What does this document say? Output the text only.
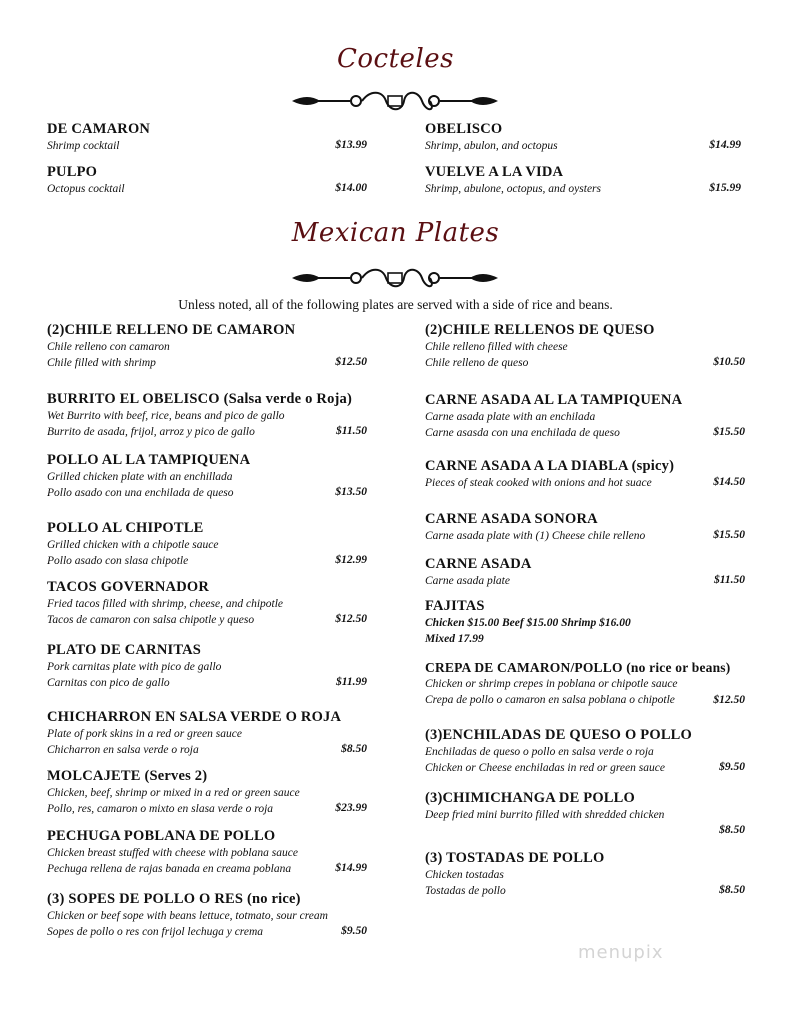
Cocteles
DE CAMARON
Shrimp cocktail	$13.99
PULPO
Octopus cocktail	$14.00
OBELISCO
Shrimp, abulon, and octopus	$14.99
VUELVE A LA VIDA
Shrimp, abulone, octopus, and oysters	$15.99
Mexican Plates
Unless noted, all of the following plates are served with a side of rice and beans.
(2)CHILE RELLENO DE CAMARON
Chile relleno con camaron
Chile filled with shrimp	$12.50
BURRITO EL OBELISCO (Salsa verde o Roja)
Wet Burrito with beef, rice, beans and pico de gallo
Burrito de asada, frijol, arroz y pico de gallo	$11.50
POLLO AL LA TAMPIQUENA
Grilled chicken plate with an enchillada
Pollo asado con una enchilada de queso	$13.50
POLLO AL CHIPOTLE
Grilled chicken with a chipotle sauce
Pollo asado con slasa chipotle	$12.99
TACOS GOVERNADOR
Fried tacos filled with shrimp, cheese, and chipotle
Tacos de camaron con salsa chipotle y queso	$12.50
PLATO DE CARNITAS
Pork carnitas plate with pico de gallo
Carnitas con pico de gallo	$11.99
CHICHARRON EN SALSA VERDE O ROJA
Plate of pork skins in a red or green sauce
Chicharron en salsa verde o roja	$8.50
MOLCAJETE (Serves 2)
Chicken, beef, shrimp or mixed in a red or green sauce
Pollo, res, camaron o mixto en slasa verde o roja	$23.99
PECHUGA POBLANA DE POLLO
Chicken breast stuffed with cheese with poblana sauce
Pechuga rellena de rajas banada en creama poblana	$14.99
(3) SOPES DE POLLO O RES (no rice)
Chicken or beef sope with beans lettuce, totmato, sour cream
Sopes de pollo o res con frijol lechuga y crema	$9.50
(2)CHILE RELLENOS DE QUESO
Chile relleno filled with cheese
Chile relleno de queso	$10.50
CARNE ASADA AL LA TAMPIQUENA
Carne asada plate with an enchilada
Carne asasda con una enchilada de queso	$15.50
CARNE ASADA A LA DIABLA (spicy)
Pieces of steak cooked with onions and hot suace	$14.50
CARNE ASADA SONORA
Carne asada plate with (1) Cheese chile relleno	$15.50
CARNE ASADA
Carne asada plate	$11.50
FAJITAS
Chicken $15.00 Beef $15.00 Shrimp $16.00
Mixed 17.99
CREPA DE CAMARON/POLLO (no rice or beans)
Chicken or shrimp crepes in poblana or chipotle sauce
Crepa de pollo o camaron en salsa poblana o chipotle	$12.50
(3)ENCHILADAS DE QUESO O POLLO
Enchiladas de queso o pollo en salsa verde o roja
Chicken or Cheese enchiladas in red or green sauce	$9.50
(3)CHIMICHANGA DE POLLO
Deep fried mini burrito filled with shredded chicken
$8.50
(3) TOSTADAS DE POLLO
Chicken tostadas
Tostadas de pollo	$8.50
menupix
